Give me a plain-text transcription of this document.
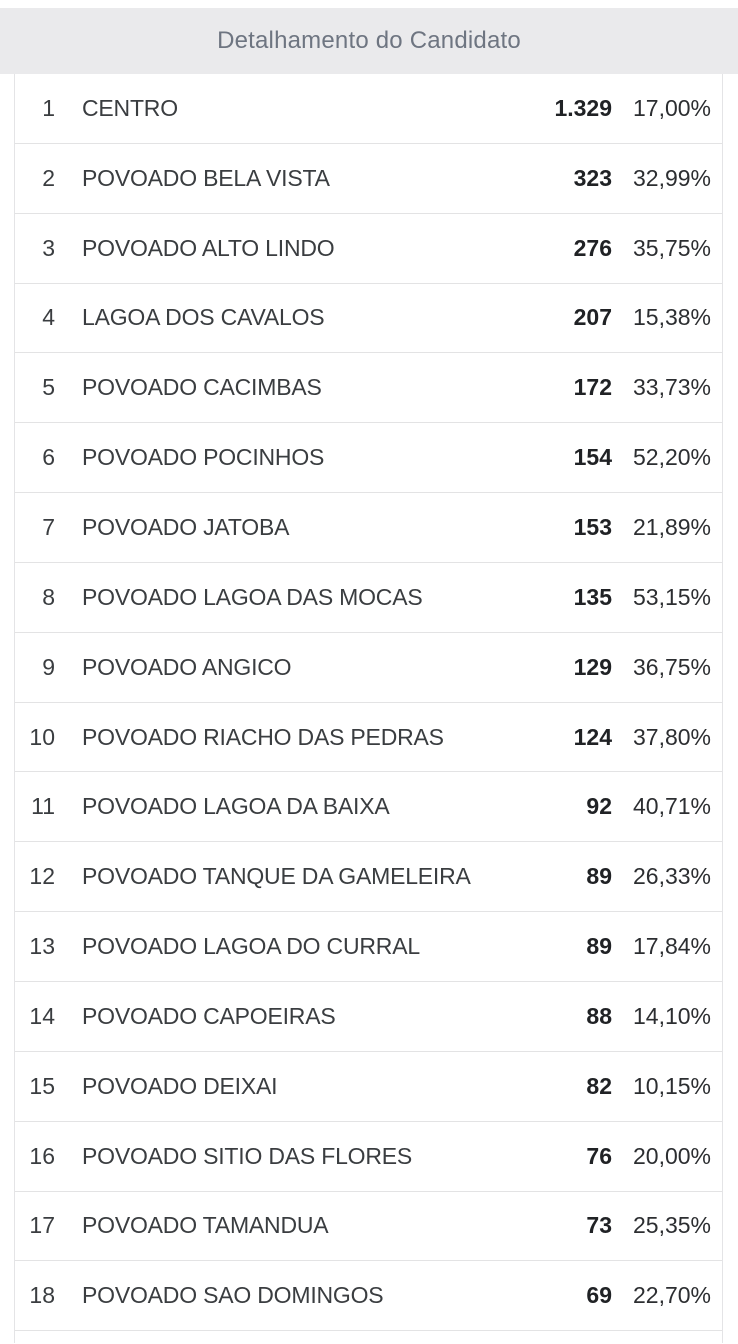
Detalhamento do Candidato
1 CENTRO	1.329 17,00%
2 POVOADO BELA VISTA	323 32,99%
3 POVOADO ALTO LINDO	276 35,75%
4 LAGOA DOS CAVALOS	207 15,38%
5 POVOADO CACIMBAS	172 33,73%
6 POVOADO POCINHOS	154 52,20%
7 POVOADO JATOBA	153 21,89%
8 POVOADO LAGOA DAS MOCAS	135 53,15%
9 POVOADO ANGICO	129 36,75%
10 POVOADO RIACHO DAS PEDRAS	124 37,80%
11 POVOADO LAGOA DA BAIXA	92 40,71%
12 POVOADO TANQUE DA GAMELEIRA	89 26,33%
13 POVOADO LAGOA DO CURRAL	89 17,84%
14 POVOADO CAPOEIRAS	88 14,10%
15 POVOADO DEIXAI	82 10,15%
16 POVOADO SITIO DAS FLORES	76 20,00%
17 POVOADO TAMANDUA	73 25,35%
18 POVOADO SAO DOMINGOS	69 22,70%
